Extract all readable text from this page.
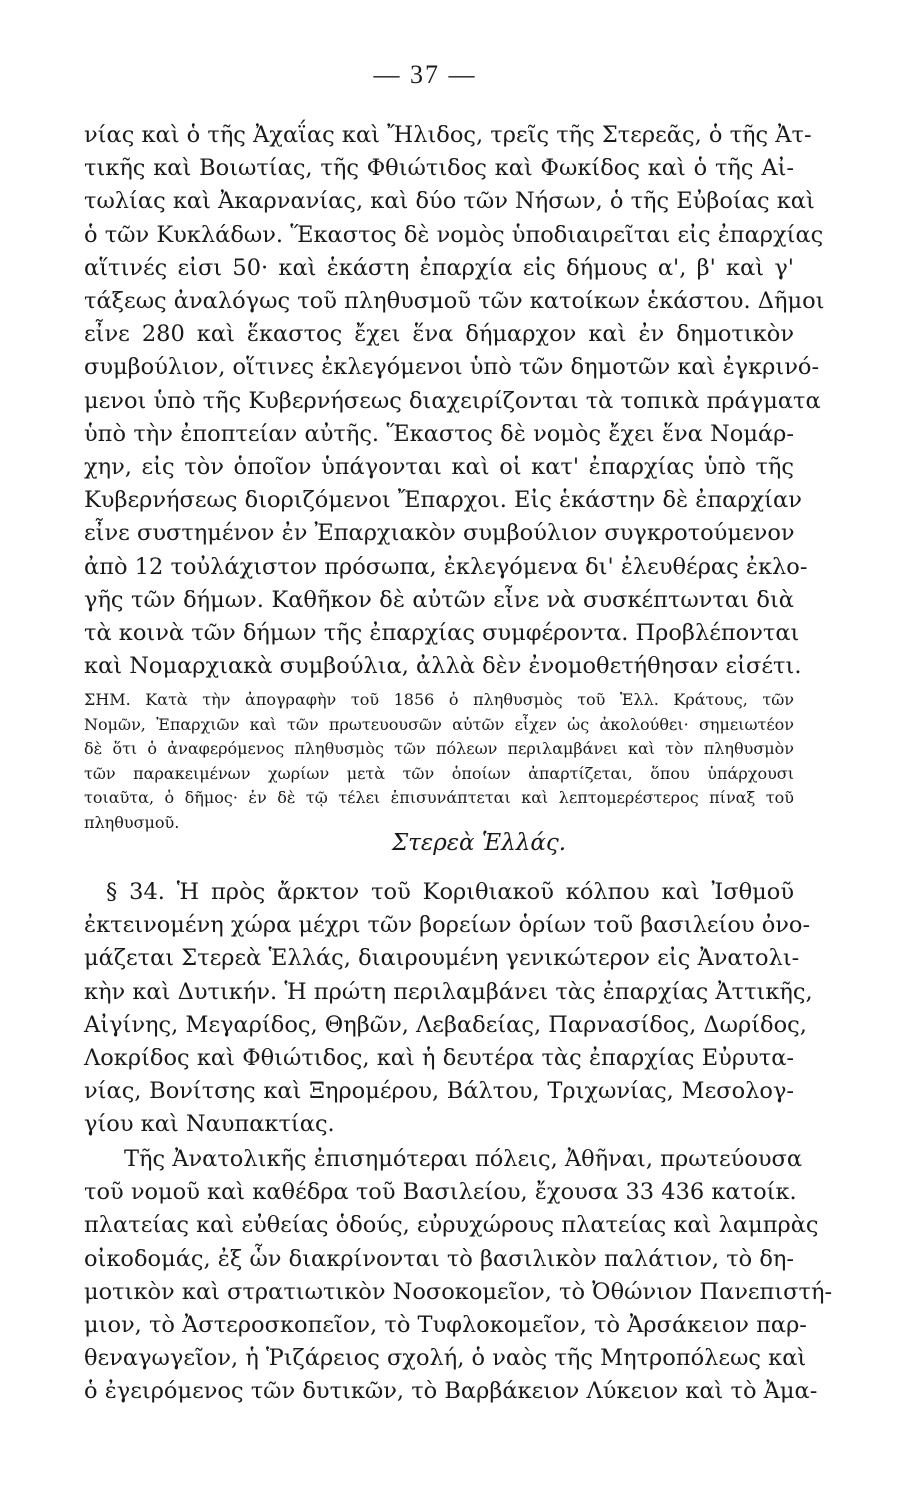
— 37 —
νίας καὶ ὁ τῆς Ἀχαΐας καὶ Ἤλιδος, τρεῖς τῆς Στερεᾶς, ὁ τῆς Ἀτ-
τικῆς καὶ Βοιωτίας, τῆς Φθιώτιδος καὶ Φωκίδος καὶ ὁ τῆς Αἰ-
τωλίας καὶ Ἀκαρνανίας, καὶ δύο τῶν Νήσων, ὁ τῆς Εὐβοίας καὶ
ὁ τῶν Κυκλάδων. Ἕκαστος δὲ νομὸς ὑποδιαιρεῖται εἰς ἐπαρχίας
αἵτινές εἰσι 50· καὶ ἑκάστη ἐπαρχία εἰς δήμους α', β' καὶ γ'
τάξεως ἀναλόγως τοῦ πληθυσμοῦ τῶν κατοίκων ἑκάστου. Δῆμοι
εἶνε 280 καὶ ἕκαστος ἔχει ἕνα δήμαρχον καὶ ἐν δημοτικὸν
συμβούλιον, οἵτινες ἐκλεγόμενοι ὑπὸ τῶν δημοτῶν καὶ ἐγκρινό-
μενοι ὑπὸ τῆς Κυβερνήσεως διαχειρίζονται τὰ τοπικὰ πράγματα
ὑπὸ τὴν ἐποπτείαν αὐτῆς. Ἕκαστος δὲ νομὸς ἔχει ἕνα Νομάρ-
χην, εἰς τὸν ὁποῖον ὑπάγονται καὶ οἱ κατ' ἐπαρχίας ὑπὸ τῆς
Κυβερνήσεως διοριζόμενοι Ἔπαρχοι. Εἰς ἑκάστην δὲ ἐπαρχίαν
εἶνε συστημένον ἐν Ἐπαρχιακὸν συμβούλιον συγκροτούμενον
ἀπὸ 12 τοὐλάχιστον πρόσωπα, ἐκλεγόμενα δι' ἐλευθέρας ἐκλο-
γῆς τῶν δήμων. Καθῆκον δὲ αὐτῶν εἶνε νὰ συσκέπτωνται διὰ
τὰ κοινὰ τῶν δήμων τῆς ἐπαρχίας συμφέροντα. Προβλέπονται
καὶ Νομαρχιακὰ συμβούλια, ἀλλὰ δὲν ἐνομοθετήθησαν εἰσέτι.
ΣΗΜ. Κατὰ τὴν ἀπογραφὴν τοῦ 1856 ὁ πληθυσμὸς τοῦ Ἑλλ. Κράτους, τῶν
Νομῶν, Ἐπαρχιῶν καὶ τῶν πρωτευουσῶν αὐτῶν εἶχεν ὡς ἀκολούθει· σημειωτέον
δὲ ὅτι ὁ ἀναφερόμενος πληθυσμὸς τῶν πόλεων περιλαμβάνει καὶ τὸν πληθυσμὸν
τῶν παρακειμένων χωρίων μετὰ τῶν ὁποίων ἀπαρτίζεται, ὅπου ὑπάρχουσι
τοιαῦτα, ὁ δῆμος· ἐν δὲ τῷ τέλει ἐπισυνάπτεται καὶ λεπτομερέστερος πίναξ τοῦ
πληθυσμοῦ.
Στερεὰ Ἑλλάς.
§ 34. Ἡ πρὸς ἄρκτον τοῦ Κοριθιακοῦ κόλπου καὶ Ἰσθμοῦ
ἐκτεινομένη χώρα μέχρι τῶν βορείων ὁρίων τοῦ βασιλείου ὀνο-
μάζεται Στερεὰ Ἑλλάς, διαιρουμένη γενικώτερον εἰς Ἀνατολι-
κὴν καὶ Δυτικήν. Ἡ πρώτη περιλαμβάνει τὰς ἐπαρχίας Ἀττικῆς,
Αἰγίνης, Μεγαρίδος, Θηβῶν, Λεβαδείας, Παρνασίδος, Δωρίδος,
Λοκρίδος καὶ Φθιώτιδος, καὶ ἡ δευτέρα τὰς ἐπαρχίας Εὐρυτα-
νίας, Βονίτσης καὶ Ξηρομέρου, Βάλτου, Τριχωνίας, Μεσολογ-
γίου καὶ Ναυπακτίας.
Τῆς Ἀνατολικῆς ἐπισημότεραι πόλεις, Ἀθῆναι, πρωτεύουσα
τοῦ νομοῦ καὶ καθέδρα τοῦ Βασιλείου, ἔχουσα 33 436 κατοίκ.
πλατείας καὶ εὐθείας ὁδούς, εὐρυχώρους πλατείας καὶ λαμπρὰς
οἰκοδομάς, ἐξ ὧν διακρίνονται τὸ βασιλικὸν παλάτιον, τὸ δη-
μοτικὸν καὶ στρατιωτικὸν Νοσοκομεῖον, τὸ Ὀθώνιον Πανεπιστή-
μιον, τὸ Ἀστεροσκοπεῖον, τὸ Τυφλοκομεῖον, τὸ Ἀρσάκειον παρ-
θεναγωγεῖον, ἡ Ῥιζάρειος σχολή, ὁ ναὸς τῆς Μητροπόλεως καὶ
ὁ ἐγειρόμενος τῶν δυτικῶν, τὸ Βαρβάκειον Λύκειον καὶ τὸ Ἀμα-
